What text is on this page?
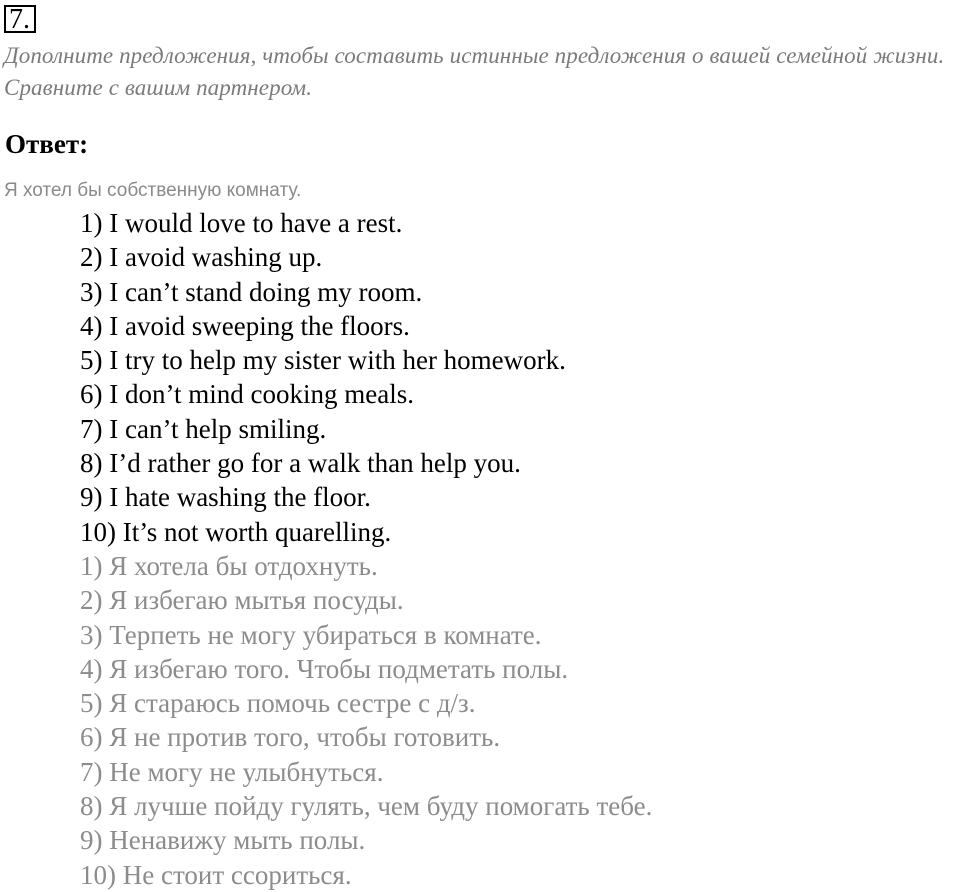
7.
Дополните предложения, чтобы составить истинные предложения о вашей семейной жизни. Сравните с вашим партнером.
Ответ:
Я хотел бы собственную комнату.
1) I would love to have a rest.
2) I avoid washing up.
3) I can’t stand doing my room.
4) I avoid sweeping the floors.
5) I try to help my sister with her homework.
6) I don’t mind cooking meals.
7) I can’t help smiling.
8) I’d rather go for a walk than help you.
9) I hate washing the floor.
10) It’s not worth quarelling.
1) Я хотела бы отдохнуть.
2) Я избегаю мытья посуды.
3) Терпеть не могу убираться в комнате.
4) Я избегаю того. Чтобы подметать полы.
5) Я стараюсь помочь сестре с д/з.
6) Я не против того, чтобы готовить.
7) Не могу не улыбнуться.
8) Я лучше пойду гулять, чем буду помогать тебе.
9) Ненавижу мыть полы.
10) Не стоит ссориться.
